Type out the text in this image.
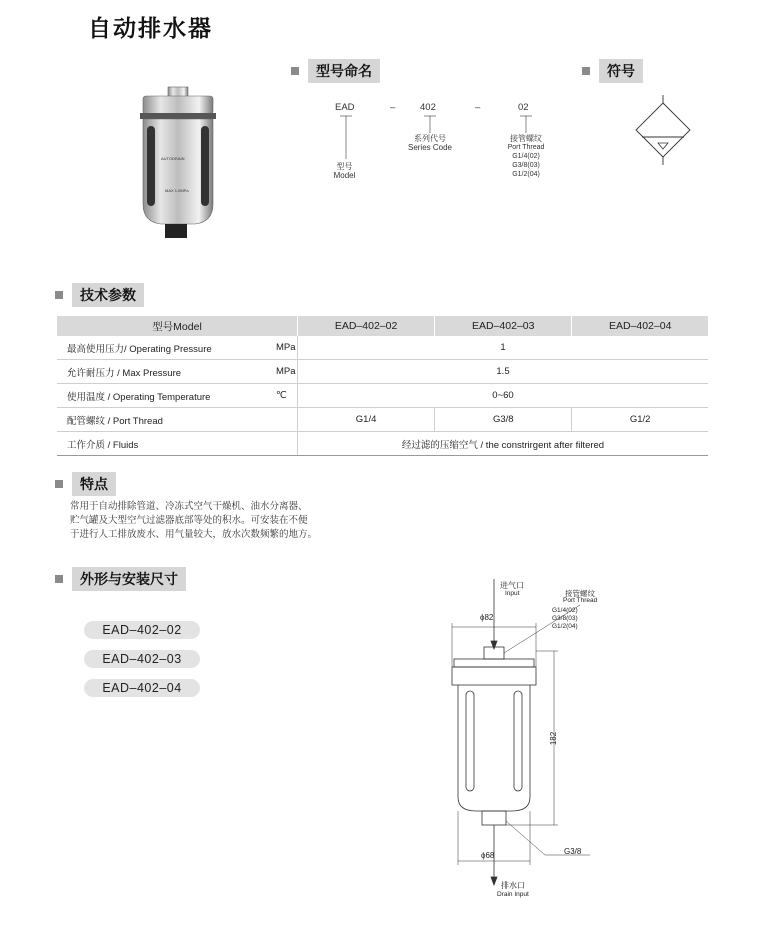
自动排水器
型号命名	符号
技术参数
特点
外形与安装尺寸
AUTODRAIN
MAX 1.0MPa
EAD	–	402	–	02
型号
Model
系列代号
Series Code
接管螺纹
Port Thread
G1/4(02)
G3/8(03)
G1/2(04)
型号Model		EAD–402–02	EAD–402–03	EAD–402–04
最高使用压力/ Operating Pressure	MPa	1		
允许耐压力 / Max Pressure	MPa	1.5		
使用温度 / Operating Temperature	℃	0~60		
配管螺纹 / Port Thread		G1/4	G3/8	G1/2
工作介质 / Fluids		经过滤的压缩空气 / the constrirgent after filtered		
常用于自动排除管道、冷冻式空气干燥机、油水分离器、
贮气罐及大型空气过滤器底部等处的积水。可安装在不便
于进行人工排放废水、用气量较大，放水次数频繁的地方。
EAD–402–02
EAD–402–03
EAD–402–04
进气口
Input	接管螺纹
Port Thread
G1/4(02)
G3/8(03)
G1/2(04)
ϕ82
182
ϕ68	G3/8
排水口
Drain Input
